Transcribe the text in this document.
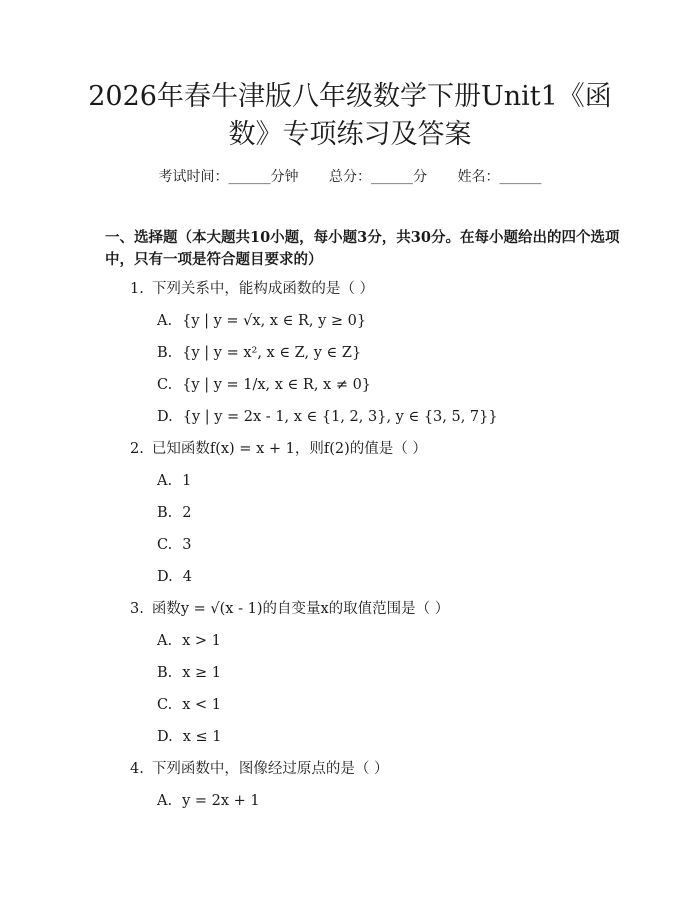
2026年春牛津版八年级数学下册Unit1《函
数》专项练习及答案
考试时间：______分钟 总分：______分 姓名：______
一、选择题（本大题共10小题，每小题3分，共30分。在每小题给出的四个选项中，只有一项是符合题目要求的）
1. 下列关系中，能构成函数的是（ ）
A. {y | y = √x, x ∈ R, y ≥ 0}
B. {y | y = x², x ∈ Z, y ∈ Z}
C. {y | y = 1/x, x ∈ R, x ≠ 0}
D. {y | y = 2x - 1, x ∈ {1, 2, 3}, y ∈ {3, 5, 7}}
2. 已知函数f(x) = x + 1，则f(2)的值是（ ）
A. 1
B. 2
C. 3
D. 4
3. 函数y = √(x - 1)的自变量x的取值范围是（ ）
A. x > 1
B. x ≥ 1
C. x < 1
D. x ≤ 1
4. 下列函数中，图像经过原点的是（ ）
A. y = 2x + 1
